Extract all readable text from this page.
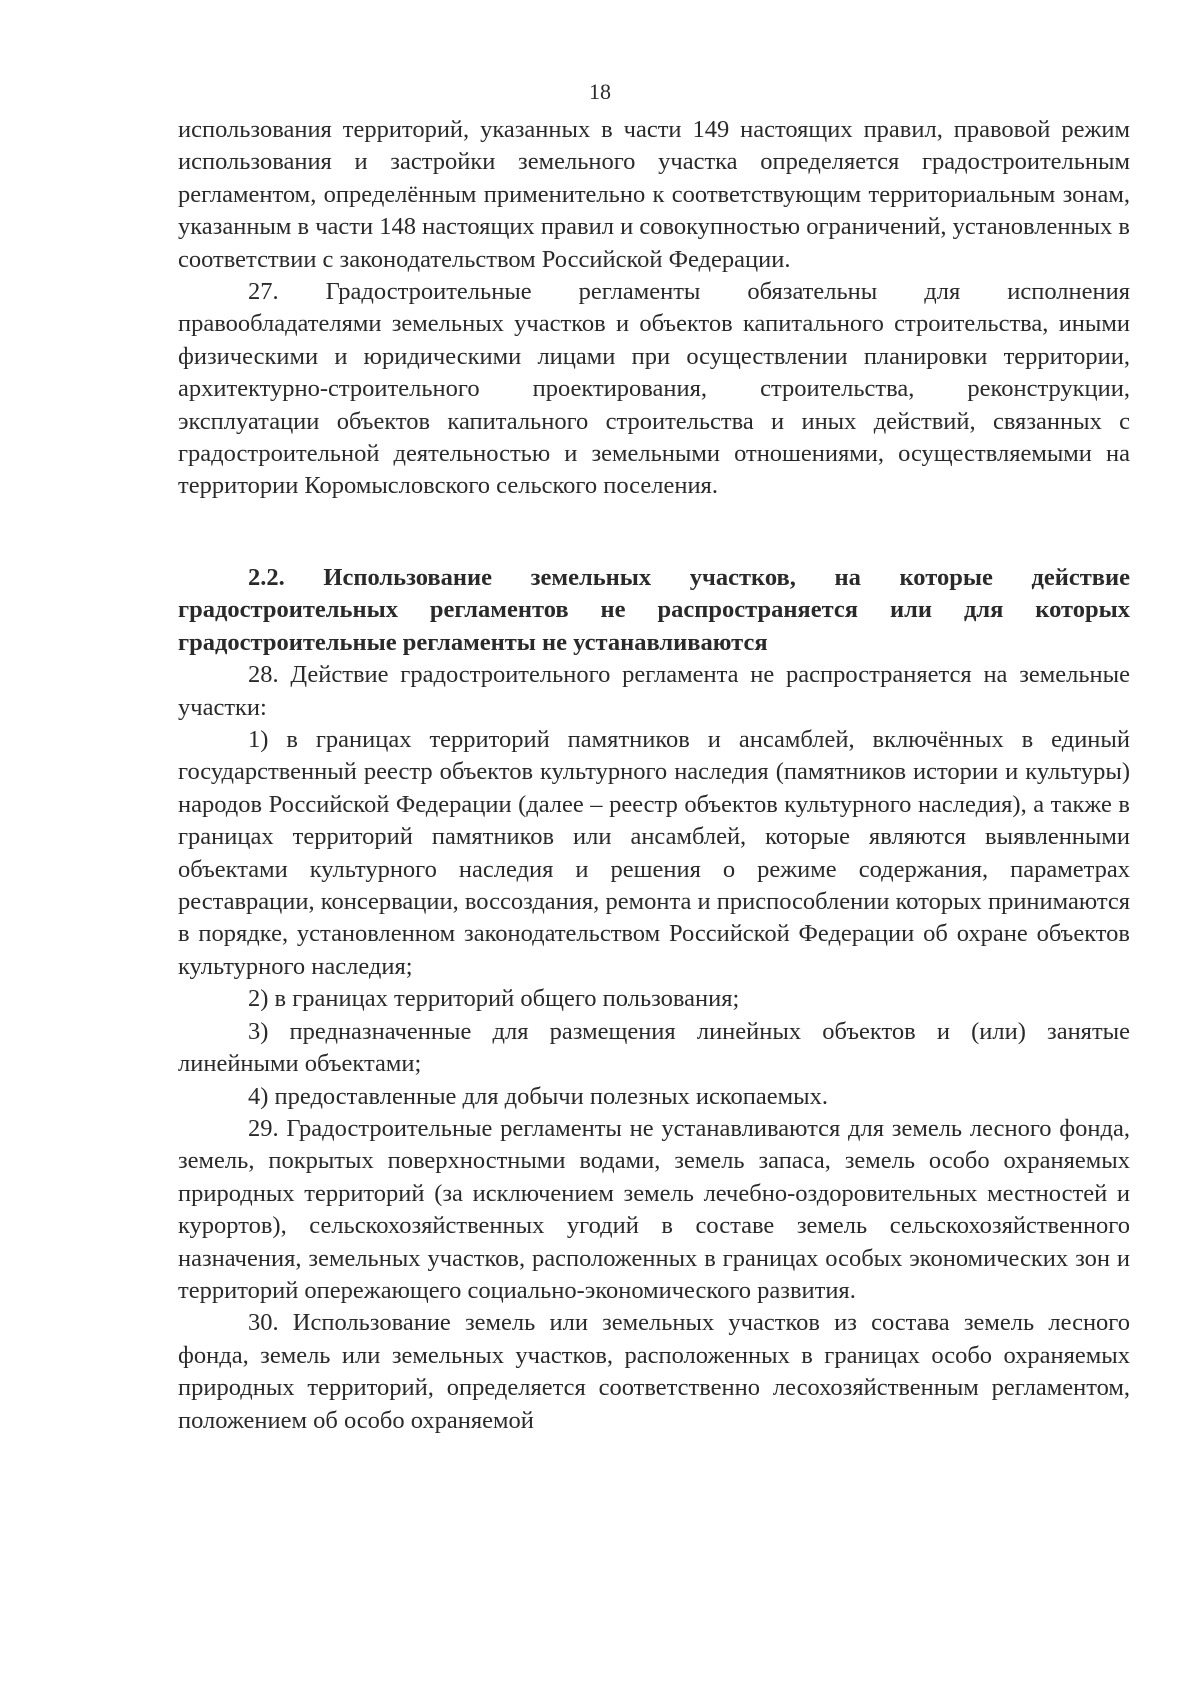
18

использования территорий, указанных в части 149 настоящих правил, правовой режим использования и застройки земельного участка определяется градостроительным регламентом, определённым применительно к соответствующим территориальным зонам, указанным в части 148 настоящих правил и совокупностью ограничений, установленных в соответствии с законодательством Российской Федерации.

27. Градостроительные регламенты обязательны для исполнения правообладателями земельных участков и объектов капитального строительства, иными физическими и юридическими лицами при осуществлении планировки территории, архитектурно-строительного проектирования, строительства, реконструкции, эксплуатации объектов капитального строительства и иных действий, связанных с градостроительной деятельностью и земельными отношениями, осуществляемыми на территории Коромысловского сельского поселения.

2.2. Использование земельных участков, на которые действие градостроительных регламентов не распространяется или для которых градостроительные регламенты не устанавливаются

28. Действие градостроительного регламента не распространяется на земельные участки:

1) в границах территорий памятников и ансамблей, включённых в единый государственный реестр объектов культурного наследия (памятников истории и культуры) народов Российской Федерации (далее – реестр объектов культурного наследия), а также в границах территорий памятников или ансамблей, которые являются выявленными объектами культурного наследия и решения о режиме содержания, параметрах реставрации, консервации, воссоздания, ремонта и приспособлении которых принимаются в порядке, установленном законодательством Российской Федерации об охране объектов культурного наследия;

2) в границах территорий общего пользования;

3) предназначенные для размещения линейных объектов и (или) занятые линейными объектами;

4) предоставленные для добычи полезных ископаемых.

29. Градостроительные регламенты не устанавливаются для земель лесного фонда, земель, покрытых поверхностными водами, земель запаса, земель особо охраняемых природных территорий (за исключением земель лечебно-оздоровительных местностей и курортов), сельскохозяйственных угодий в составе земель сельскохозяйственного назначения, земельных участков, расположенных в границах особых экономических зон и территорий опережающего социально-экономического развития.

30. Использование земель или земельных участков из состава земель лесного фонда, земель или земельных участков, расположенных в границах особо охраняемых природных территорий, определяется соответственно лесохозяйственным регламентом, положением об особо охраняемой
